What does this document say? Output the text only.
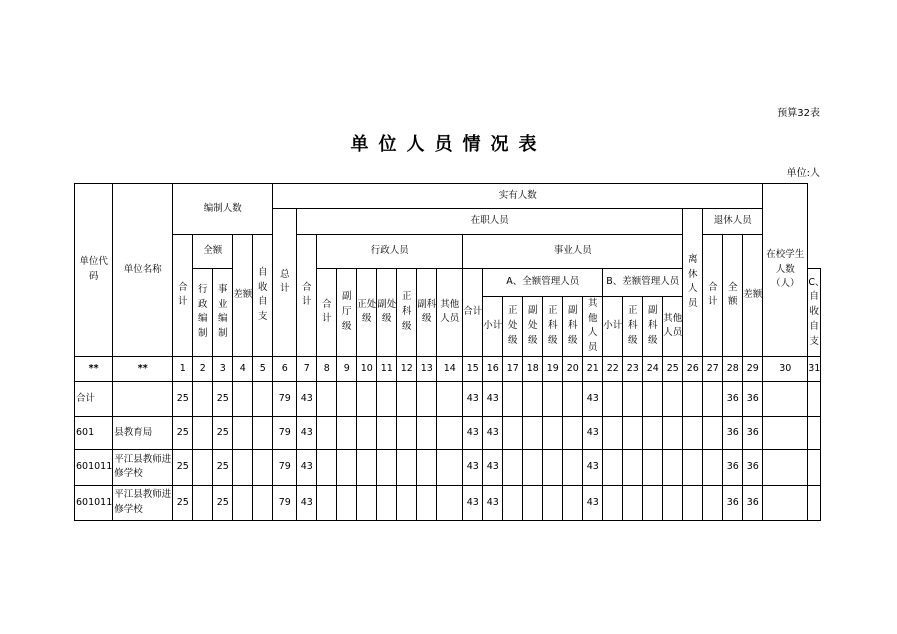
预算32表
单位人员情况表
单位:人
单位代码	单位名称	编制人数					实有人数																								在校学生人数（人）	
							总计	在职人员																			离休人员	退休人员				
		合计	全额		差额	自收自支		合计	行政人员							事业人员												合计	全额	差额		
			行政编制	事业编制					合计	副厅级	正处级	副处级	正科级	副科级	其他人员	合计	A、全额管理人员						B、差额管理人员									C、自收自支
																	小计	正处级	副处级	正科级	副科级	其他人员	小计	正科级	副科级	其他人员						
**	**	1	2	3	4	5	6	7	8	9	10	11	12	13	14	15	16	17	18	19	20	21	22	23	24	25	26	27	28	29	30	31
合计		25		25			79	43								43	43					43							36	36		
601	县教育局	25		25			79	43								43	43					43							36	36		
601011	平江县教师进修学校	25		25			79	43								43	43					43							36	36		
601011	平江县教师进修学校	25		25			79	43								43	43					43							36	36		
